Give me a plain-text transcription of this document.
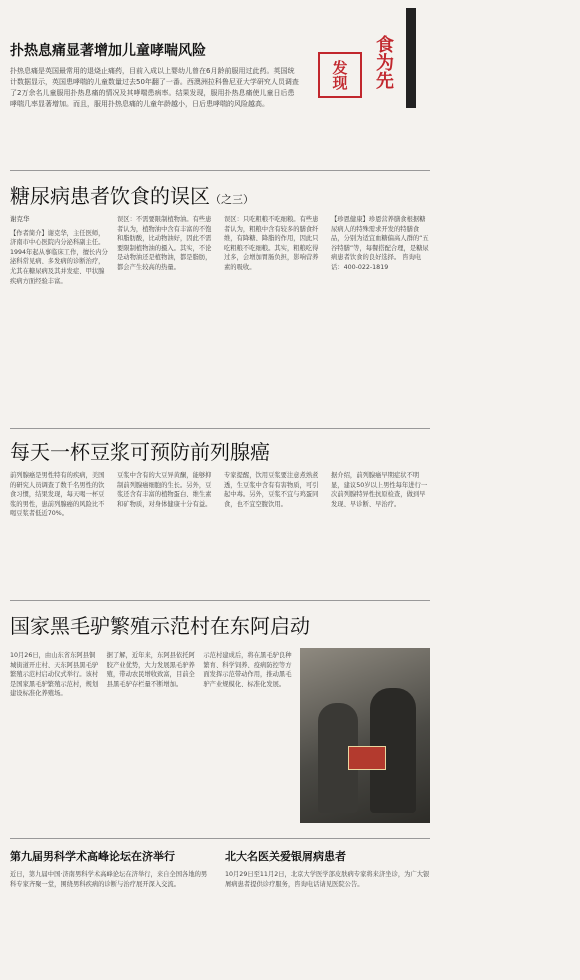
扑热息痛显著增加儿童哮喘风险
扑热息痛是英国最常用的退烧止痛药，目前入成以上婴幼儿曾在6月龄前服用过此药。英国统计数据显示，英国患哮喘的儿童数量过去50年翻了一番。西澳洲拉科鲁尼亚大学研究人员调查了2万余名儿童服用扑热息痛的情况及其哮喘患病率。结果发现，服用扑热息痛使儿童日后患哮喘几率显著增加。而且，服用扑热息痛的儿童年龄越小，日后患哮喘的风险越高。
发现	食为先
糖尿病患者饮食的误区（之三）
谢克华
【作者简介】谢克华，主任医师，济南市中心医院内分泌科副主任。1994年起从事临床工作，擅长内分泌科常见病、多发病的诊断治疗，尤其在糖尿病及其并发症、甲状腺疾病方面经验丰富。
误区：不需要限制植物油。有些患者认为，植物油中含有丰富的不饱和脂肪酸，比动物油好，因此不需要限制植物油的摄入。其实，不论是动物油还是植物油，都是脂肪，都会产生较高的热量。
误区：只吃粗粮不吃细粮。有些患者认为，粗粮中含有较多的膳食纤维，有降糖、降脂的作用，因此只吃粗粮不吃细粮。其实，粗粮吃得过多，会增加胃肠负担，影响营养素的吸收。
【珍恩健康】珍恩营养膳食根据糖尿病人的特殊需求开发的特膳食品，分别为适宜血糖偏高人群的“五谷特膳”等，每餐搭配合理，是糖尿病患者饮食的良好选择。 咨询电话：400-022-1819
每天一杯豆浆可预防前列腺癌
前列腺癌是男性特有的疾病，美国的研究人员调查了数千名男性的饮食习惯，结果发现，每天喝一杯豆浆的男性，患前列腺癌的风险比不喝豆浆者低近70%。
豆浆中含有的大豆异黄酮，能够抑制前列腺癌细胞的生长。另外，豆浆还含有丰富的植物蛋白、维生素和矿物质，对身体健康十分有益。
专家提醒，饮用豆浆要注意煮熟煮透，生豆浆中含有有害物质，可引起中毒。另外，豆浆不宜与鸡蛋同食，也不宜空腹饮用。
据介绍，前列腺癌早期症状不明显，建议50岁以上男性每年进行一次前列腺特异性抗原检查，做到早发现、早诊断、早治疗。
国家黑毛驴繁殖示范村在东阿启动
10月26日，由山东省东阿县铜城街道开庄村、天东阿县黑毛驴繁殖示范村启动仪式举行。该村是国家黑毛驴繁殖示范村，规划建设标准化养殖场。
据了解，近年来，东阿县依托阿胶产业优势，大力发展黑毛驴养殖，带动农民增收致富，目前全县黑毛驴存栏量不断增加。
示范村建成后，将在黑毛驴良种繁育、科学饲养、疫病防控等方面发挥示范带动作用，推动黑毛驴产业规模化、标准化发展。
第九届男科学术高峰论坛在济举行
近日，第九届中国·济南男科学术高峰论坛在济举行，来自全国各地的男科专家齐聚一堂，围绕男科疾病的诊断与治疗展开深入交流。
北大名医关爱银屑病患者
10月29日至11月2日，北京大学医学部皮肤病专家将来济坐诊，为广大银屑病患者提供诊疗服务，咨询电话请见医院公告。
